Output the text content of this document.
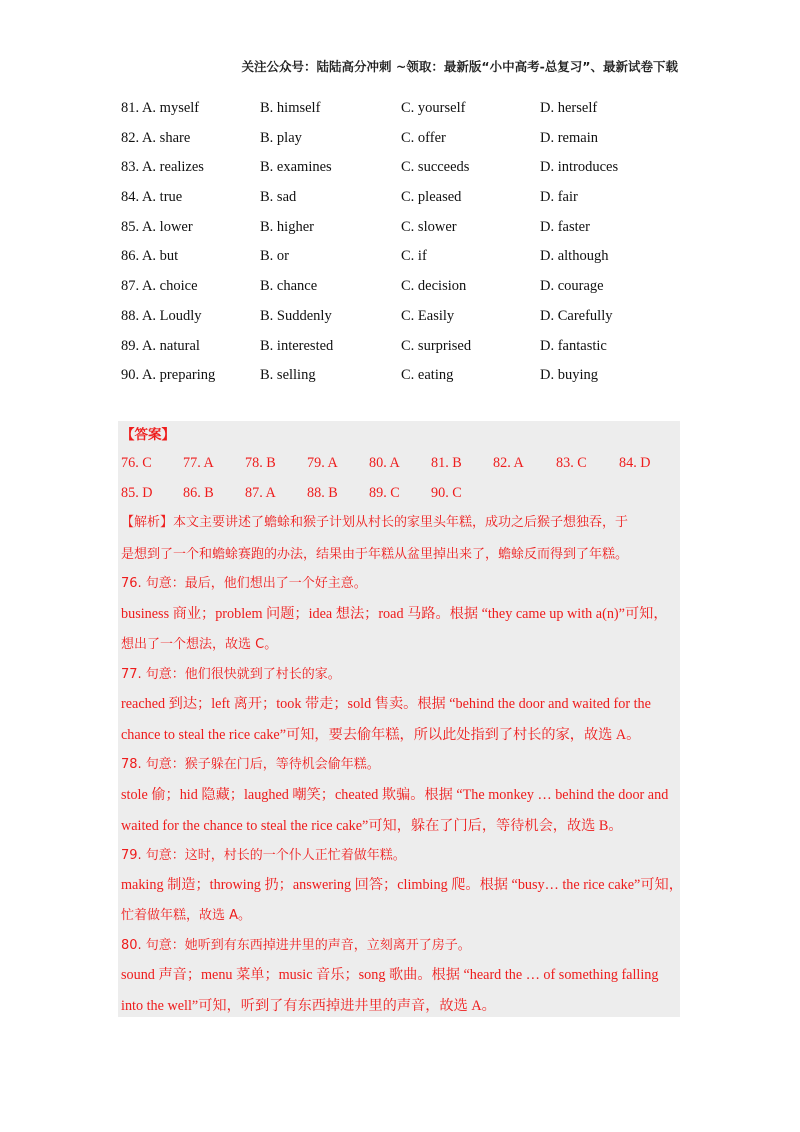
关注公众号：陆陆高分冲刺 ~领取：最新版“小中高考-总复习”、最新试卷下载
81. A. myself	B. himself	C. yourself	D. herself
82. A. share	B. play	C. offer	D. remain
83. A. realizes	B. examines	C. succeeds	D. introduces
84. A. true	B. sad	C. pleased	D. fair
85. A. lower	B. higher	C. slower	D. faster
86. A. but	B. or	C. if	D. although
87. A. choice	B. chance	C. decision	D. courage
88. A. Loudly	B. Suddenly	C. Easily	D. Carefully
89. A. natural	B. interested	C. surprised	D. fantastic
90. A. preparing	B. selling	C. eating	D. buying
【答案】
76. C 77. A 78. B 79. A 80. A 81. B 82. A 83. C 84. D
85. D 86. B 87. A 88. B 89. C 90. C
【解析】本文主要讲述了蟾蜍和猴子计划从村长的家里头年糕，成功之后猴子想独吞，于
是想到了一个和蟾蜍赛跑的办法，结果由于年糕从盆里掉出来了，蟾蜍反而得到了年糕。
76. 句意：最后，他们想出了一个好主意。
business 商业；problem 问题；idea 想法；road 马路。根据 “they came up with a(n)”可知，
想出了一个想法，故选 C。
77. 句意：他们很快就到了村长的家。
reached 到达；left 离开；took 带走；sold 售卖。根据 “behind the door and waited for the
chance to steal the rice cake”可知，要去偷年糕，所以此处指到了村长的家，故选 A。
78. 句意：猴子躲在门后，等待机会偷年糕。
stole 偷；hid 隐藏；laughed 嘲笑；cheated 欺骗。根据 “The monkey … behind the door and
waited for the chance to steal the rice cake”可知，躲在了门后，等待机会，故选 B。
79. 句意：这时，村长的一个仆人正忙着做年糕。
making 制造；throwing 扔；answering 回答；climbing 爬。根据 “busy… the rice cake”可知，
忙着做年糕，故选 A。
80. 句意：她听到有东西掉进井里的声音，立刻离开了房子。
sound 声音；menu 菜单；music 音乐；song 歌曲。根据 “heard the … of something falling
into the well”可知，听到了有东西掉进井里的声音，故选 A。
